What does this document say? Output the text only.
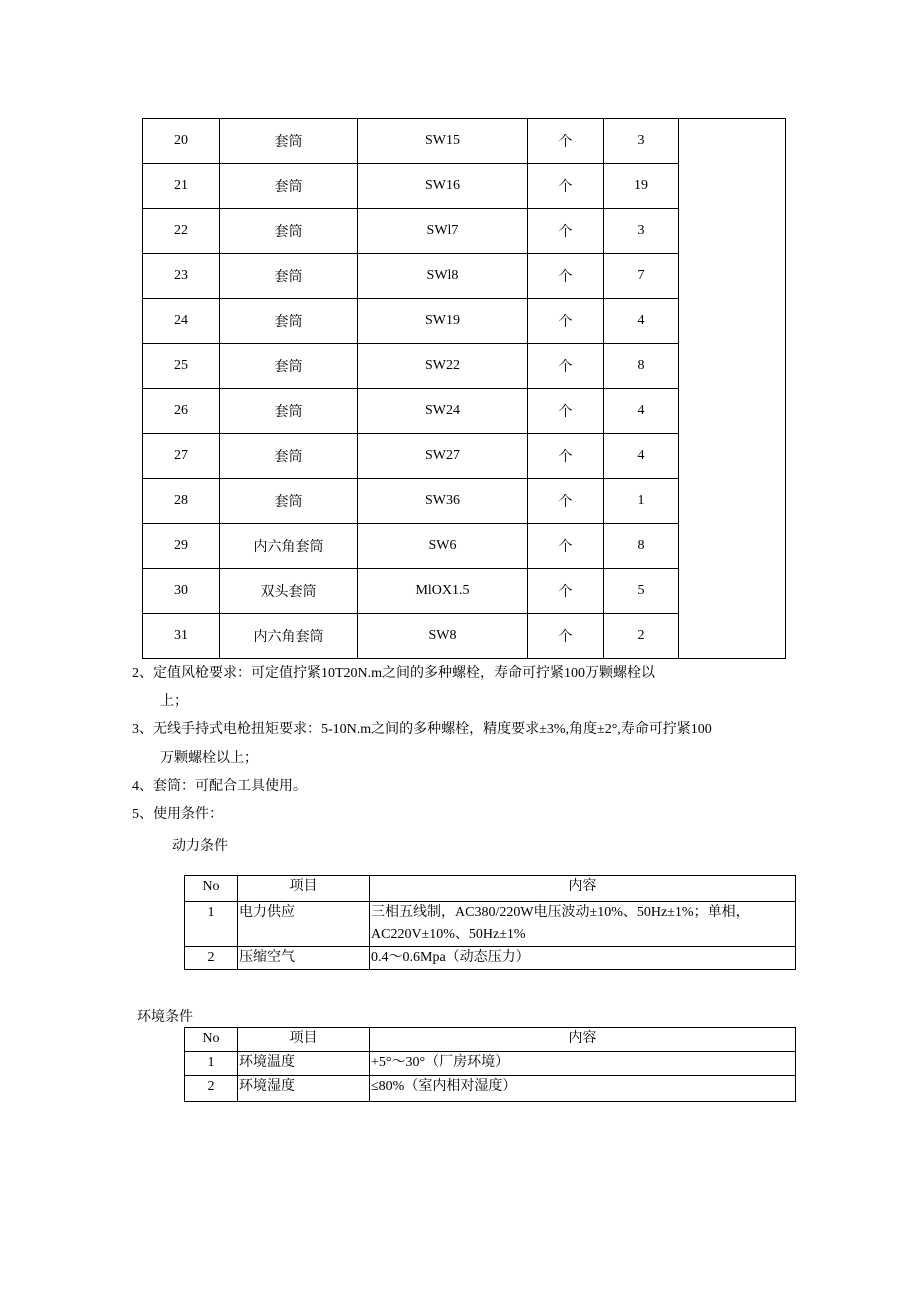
20	套筒	SW15	个	3	
21	套筒	SW16	个	19	
22	套筒	SWl7	个	3	
23	套筒	SWl8	个	7	
24	套筒	SW19	个	4	
25	套筒	SW22	个	8	
26	套筒	SW24	个	4	
27	套筒	SW27	个	4	
28	套筒	SW36	个	1	
29	内六角套筒	SW6	个	8	
30	双头套筒	MlOX1.5	个	5	
31	内六角套筒	SW8	个	2	
2、定值风枪要求：可定值拧紧10T20N.m之间的多种螺栓，寿命可拧紧100万颗螺栓以
上；
3、无线手持式电枪扭矩要求：5-10N.m之间的多种螺栓，精度要求±3%,角度±2°,寿命可拧紧100
万颗螺栓以上；
4、套筒：可配合工具使用。
5、使用条件：
动力条件
No	项目	内容
1	电力供应	三相五线制，AC380/220W电压波动±10%、50Hz±1%；单相，
AC220V±10%、50Hz±1%

2	压缩空气	0.4～0.6Mpa（动态压力）
环境条件
No	项目	内容
1	环境温度	+5°～30°（厂房环境）
2	环境湿度	≤80%（室内相对湿度）
